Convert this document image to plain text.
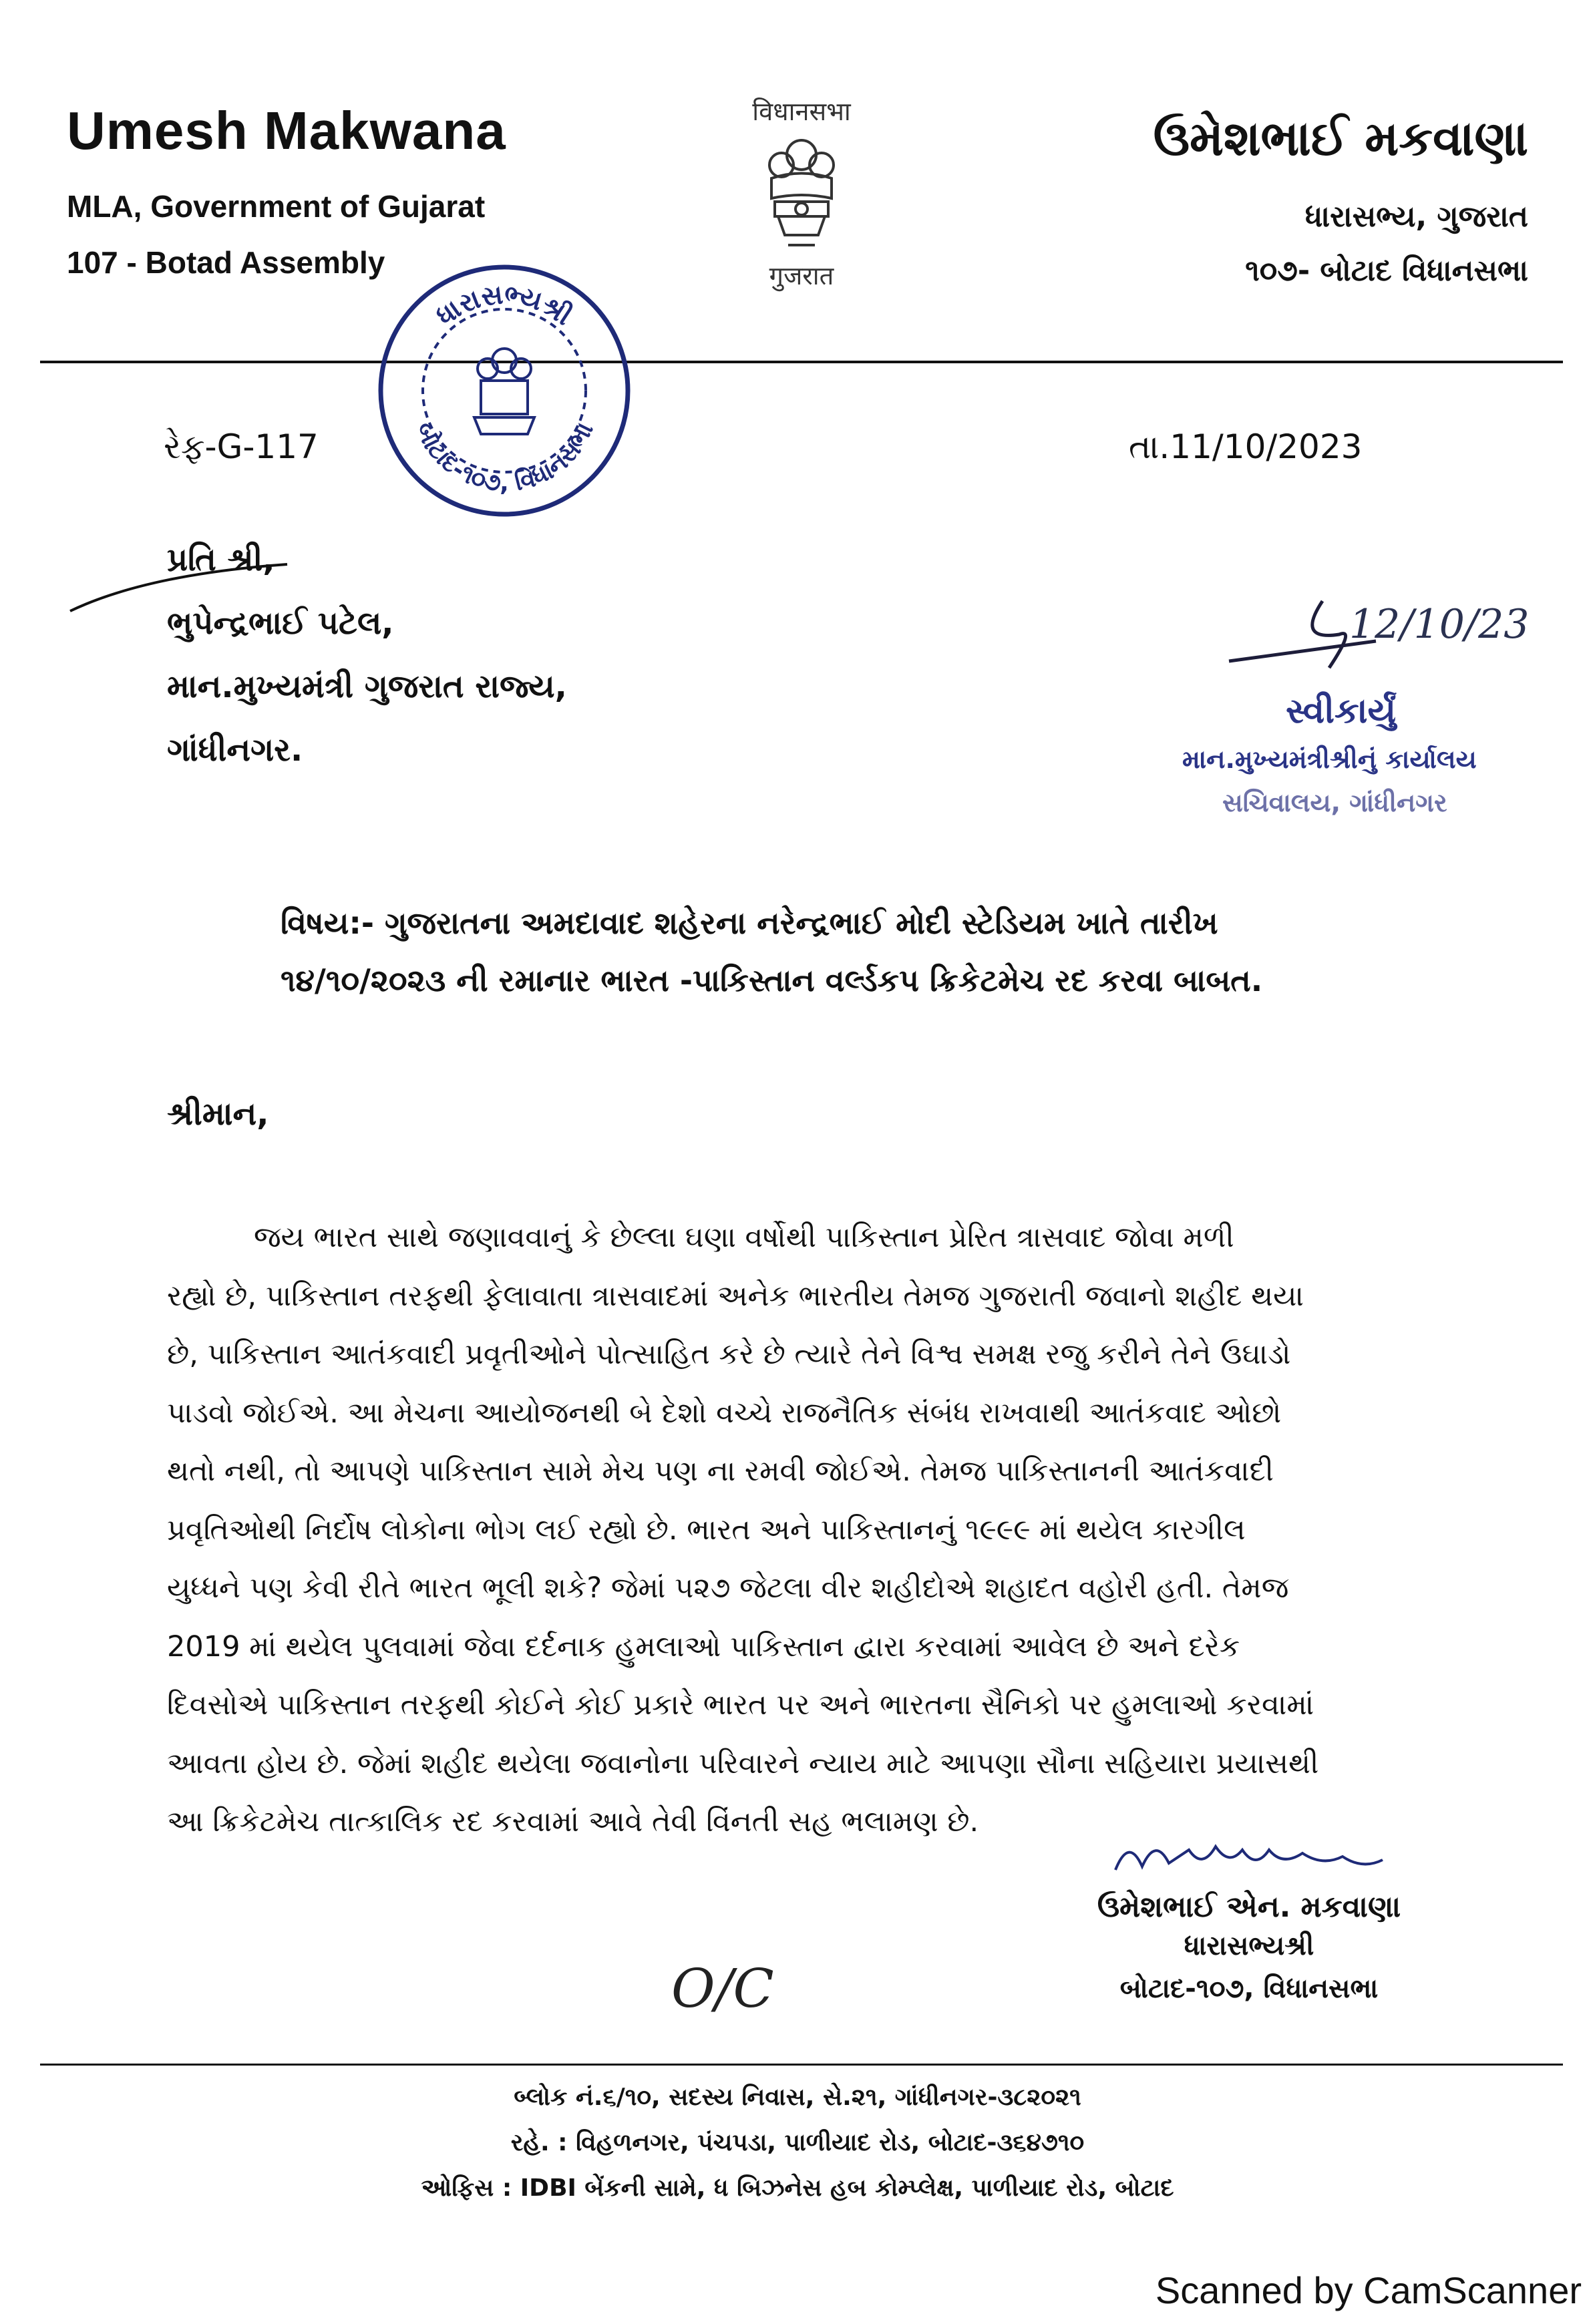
Umesh Makwana
MLA, Government of Gujarat
107 - Botad Assembly
विधानसभा
गुजरात
ઉમેશભાઈ મકવાણા
ધારાસભ્ય, ગુજરાત
૧૦૭- બોટાદ વિધાનસભા
ધારાસભ્યશ્રી
બોટાદ-૧૦૭, વિધાનસભા
રેફ-G-117	તા.11/10/2023
પ્રતિ શ્રી,
ભુપેન્દ્રભાઈ પટેલ,
માન.મુખ્યમંત્રી ગુજરાત રાજ્ય,
ગાંધીનગર.
12/10/23
સ્વીકાર્યું
માન.મુખ્યમંત્રીશ્રીનું કાર્યાલય
સચિવાલય, ગાંધીનગર
વિષય:- ગુજરાતના અમદાવાદ શહેરના નરેન્દ્રભાઈ મોદી સ્ટેડિયમ ખાતે તારીખ
૧૪/૧૦/૨૦૨૩ ની રમાનાર ભારત -પાકિસ્તાન વર્લ્ડકપ ક્રિકેટમેચ રદ કરવા બાબત.
શ્રીમાન,
જય ભારત સાથે જણાવવાનું કે છેલ્લા ઘણા વર્ષોથી પાકિસ્તાન પ્રેરિત ત્રાસવાદ જોવા મળી
રહ્યો છે, પાકિસ્તાન તરફથી ફેલાવાતા ત્રાસવાદમાં અનેક ભારતીય તેમજ ગુજરાતી જવાનો શહીદ થયા
છે, પાકિસ્તાન આતંકવાદી પ્રવૃતીઓને પોત્સાહિત કરે છે ત્યારે તેને વિશ્વ સમક્ષ રજુ કરીને તેને ઉઘાડો
પાડવો જોઈએ. આ મેચના આયોજનથી બે દેશો વચ્ચે રાજનૈતિક સંબંધ રાખવાથી આતંકવાદ ઓછો
થતો નથી, તો આપણે પાકિસ્તાન સામે મેચ પણ ના રમવી જોઈએ. તેમજ પાકિસ્તાનની આતંકવાદી
પ્રવૃતિઓથી નિર્દોષ લોકોના ભોગ લઈ રહ્યો છે. ભારત અને પાકિસ્તાનનું ૧૯૯૯ માં થયેલ કારગીલ
યુધ્ધને પણ કેવી રીતે ભારત ભૂલી શકે? જેમાં ૫૨૭ જેટલા વીર શહીદોએ શહાદત વહોરી હતી. તેમજ
2019 માં થયેલ પુલવામાં જેવા દર્દનાક હુમલાઓ પાકિસ્તાન દ્વારા કરવામાં આવેલ છે અને દરેક
દિવસોએ પાકિસ્તાન તરફથી કોઈને કોઈ પ્રકારે ભારત પર અને ભારતના સૈનિકો પર હુમલાઓ કરવામાં
આવતા હોય છે. જેમાં શહીદ થયેલા જવાનોના પરિવારને ન્યાય માટે આપણા સૌના સહિયારા પ્રયાસથી
આ ક્રિકેટમેચ તાત્કાલિક રદ કરવામાં આવે તેવી વિંનતી સહ ભલામણ છે.
ઉમેશભાઈ એન. મકવાણા
ધારાસભ્યશ્રી
બોટાદ-૧૦૭, વિધાનસભા
O/C
બ્લોક નં.૬/૧૦, સદસ્ય નિવાસ, સે.૨૧, ગાંધીનગર-૩૮૨૦૨૧
રહે. : વિહળનગર, પંચપડા, પાળીયાદ રોડ, બોટાદ-૩૬૪૭૧૦
ઓફિસ : IDBI બેંકની સામે, ધ બિઝનેસ હબ કોમ્પ્લેક્ષ, પાળીયાદ રોડ, બોટાદ
Scanned by CamScanner
